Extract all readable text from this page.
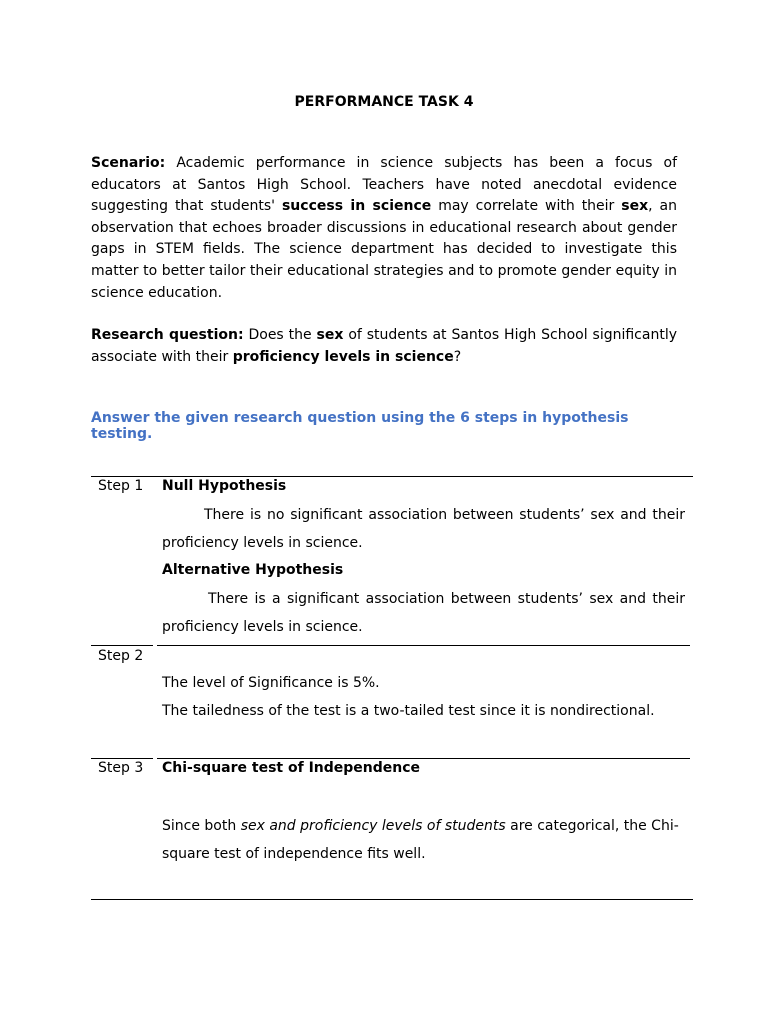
PERFORMANCE TASK 4
Scenario: Academic performance in science subjects has been a focus of educators at Santos High School. Teachers have noted anecdotal evidence suggesting that students' success in science may correlate with their sex, an observation that echoes broader discussions in educational research about gender gaps in STEM fields. The science department has decided to investigate this matter to better tailor their educational strategies and to promote gender equity in science education.
Research question: Does the sex of students at Santos High School significantly associate with their proficiency levels in science?
Answer the given research question using the 6 steps in hypothesis testing.
Step 1 Null Hypothesis
There is no significant association between students’ sex and their proficiency levels in science.
Alternative Hypothesis
There is a significant association between students’ sex and their proficiency levels in science.
Step 2
The level of Significance is 5%.
The tailedness of the test is a two-tailed test since it is nondirectional.
Step 3 Chi-square test of Independence
Since both sex and proficiency levels of students are categorical, the Chi-square test of independence fits well.
